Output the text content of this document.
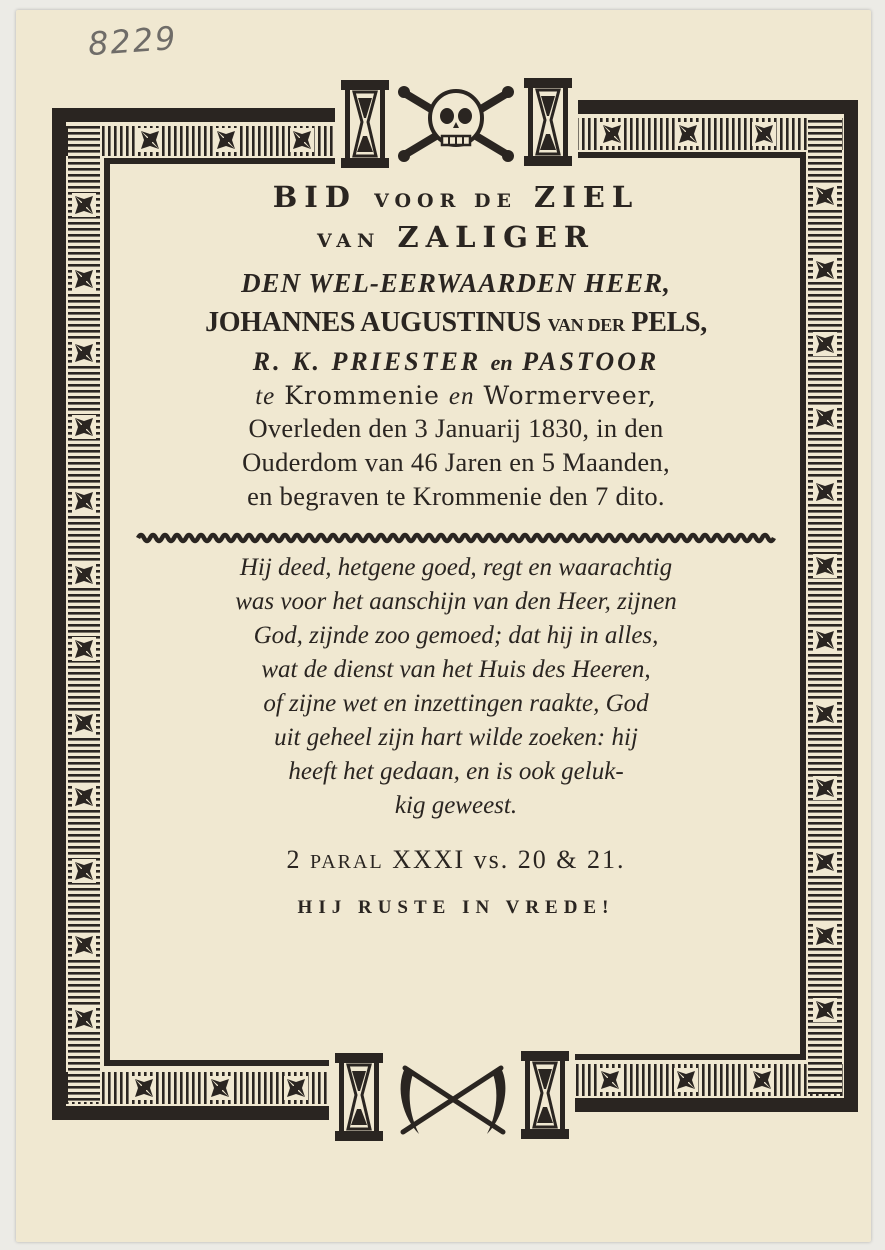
8229

BID VOOR DE ZIEL

VAN ZALIGER

DEN WEL-EERWAARDEN HEER,

JOHANNES AUGUSTINUS VAN DER PELS,

R. K. PRIESTER en PASTOOR

te Krommenie en Wormerveer,

Overleden den 3 Januarij 1830, in den

Ouderdom van 46 Jaren en 5 Maanden,

en begraven te Krommenie den 7 dito.

Hij deed, hetgene goed, regt en waarachtig

was voor het aanschijn van den Heer, zijnen

God, zijnde zoo gemoed; dat hij in alles,

wat de dienst van het Huis des Heeren,

of zijne wet en inzettingen raakte, God

uit geheel zijn hart wilde zoeken: hij

heeft het gedaan, en is ook geluk-

kig geweest.

2 PARAL XXXI vs. 20 & 21.

HIJ RUSTE IN VREDE!
